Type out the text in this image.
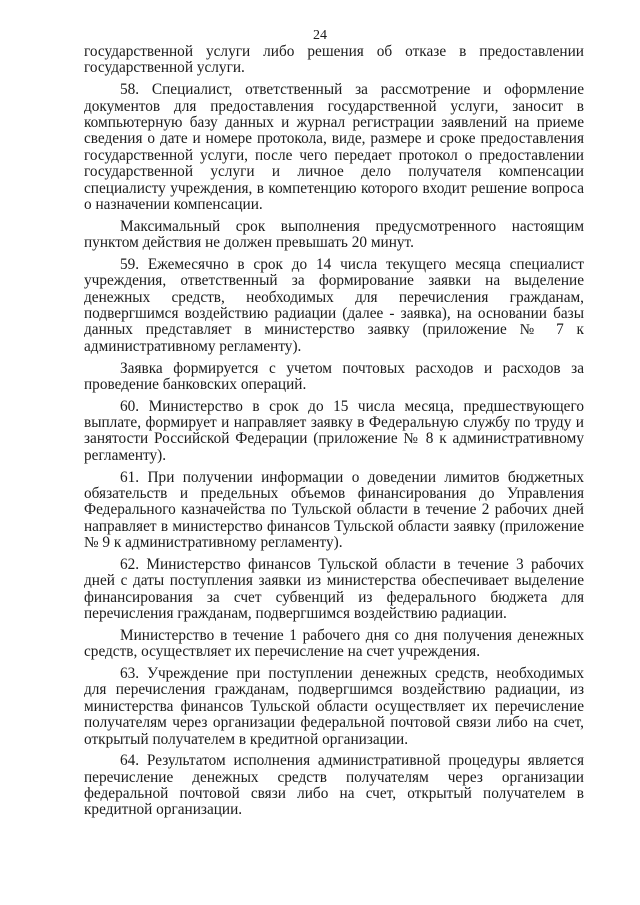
24

государственной услуги либо решения об отказе в предоставлении государственной услуги.

58. Специалист, ответственный за рассмотрение и оформление документов для предоставления государственной услуги, заносит в компьютерную базу данных и журнал регистрации заявлений на приеме сведения о дате и номере протокола, виде, размере и сроке предоставления государственной услуги, после чего передает протокол о предоставлении государственной услуги и личное дело получателя компенсации специалисту учреждения, в компетенцию которого входит решение вопроса о назначении компенсации.

Максимальный срок выполнения предусмотренного настоящим пунктом действия не должен превышать 20 минут.

59. Ежемесячно в срок до 14 числа текущего месяца специалист учреждения, ответственный за формирование заявки на выделение денежных средств, необходимых для перечисления гражданам, подвергшимся воздействию радиации (далее - заявка), на основании базы данных представляет в министерство заявку (приложение № 7 к административному регламенту).

Заявка формируется с учетом почтовых расходов и расходов за проведение банковских операций.

60. Министерство в срок до 15 числа месяца, предшествующего выплате, формирует и направляет заявку в Федеральную службу по труду и занятости Российской Федерации (приложение № 8 к административному регламенту).

61. При получении информации о доведении лимитов бюджетных обязательств и предельных объемов финансирования до Управления Федерального казначейства по Тульской области в течение 2 рабочих дней направляет в министерство финансов Тульской области заявку (приложение № 9 к административному регламенту).

62. Министерство финансов Тульской области в течение 3 рабочих дней с даты поступления заявки из министерства обеспечивает выделение финансирования за счет субвенций из федерального бюджета для перечисления гражданам, подвергшимся воздействию радиации.

Министерство в течение 1 рабочего дня со дня получения денежных средств, осуществляет их перечисление на счет учреждения.

63. Учреждение при поступлении денежных средств, необходимых для перечисления гражданам, подвергшимся воздействию радиации, из министерства финансов Тульской области осуществляет их перечисление получателям через организации федеральной почтовой связи либо на счет, открытый получателем в кредитной организации.

64. Результатом исполнения административной процедуры является перечисление денежных средств получателям через организации федеральной почтовой связи либо на счет, открытый получателем в кредитной организации.
